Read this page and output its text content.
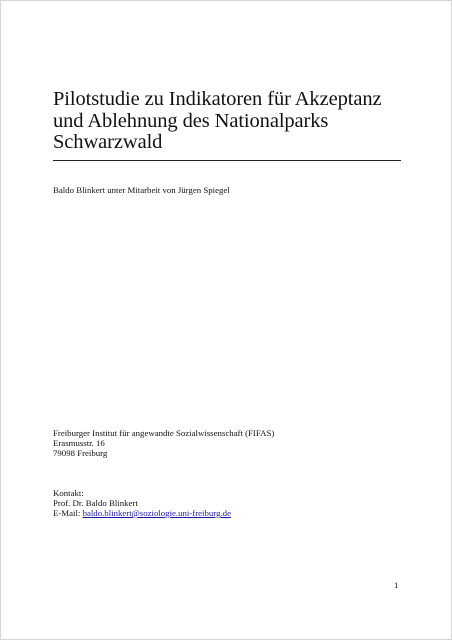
Pilotstudie zu Indikatoren für Akzeptanz
und Ablehnung des Nationalparks
Schwarzwald
Baldo Blinkert unter Mitarbeit von Jürgen Spiegel
Freiburger Institut für angewandte Sozialwissenschaft (FIFAS)
Erasmusstr. 16
79098 Freiburg
Kontakt:
Prof. Dr. Baldo Blinkert
E-Mail: baldo.blinkert@soziologie.uni-freiburg.de
1
